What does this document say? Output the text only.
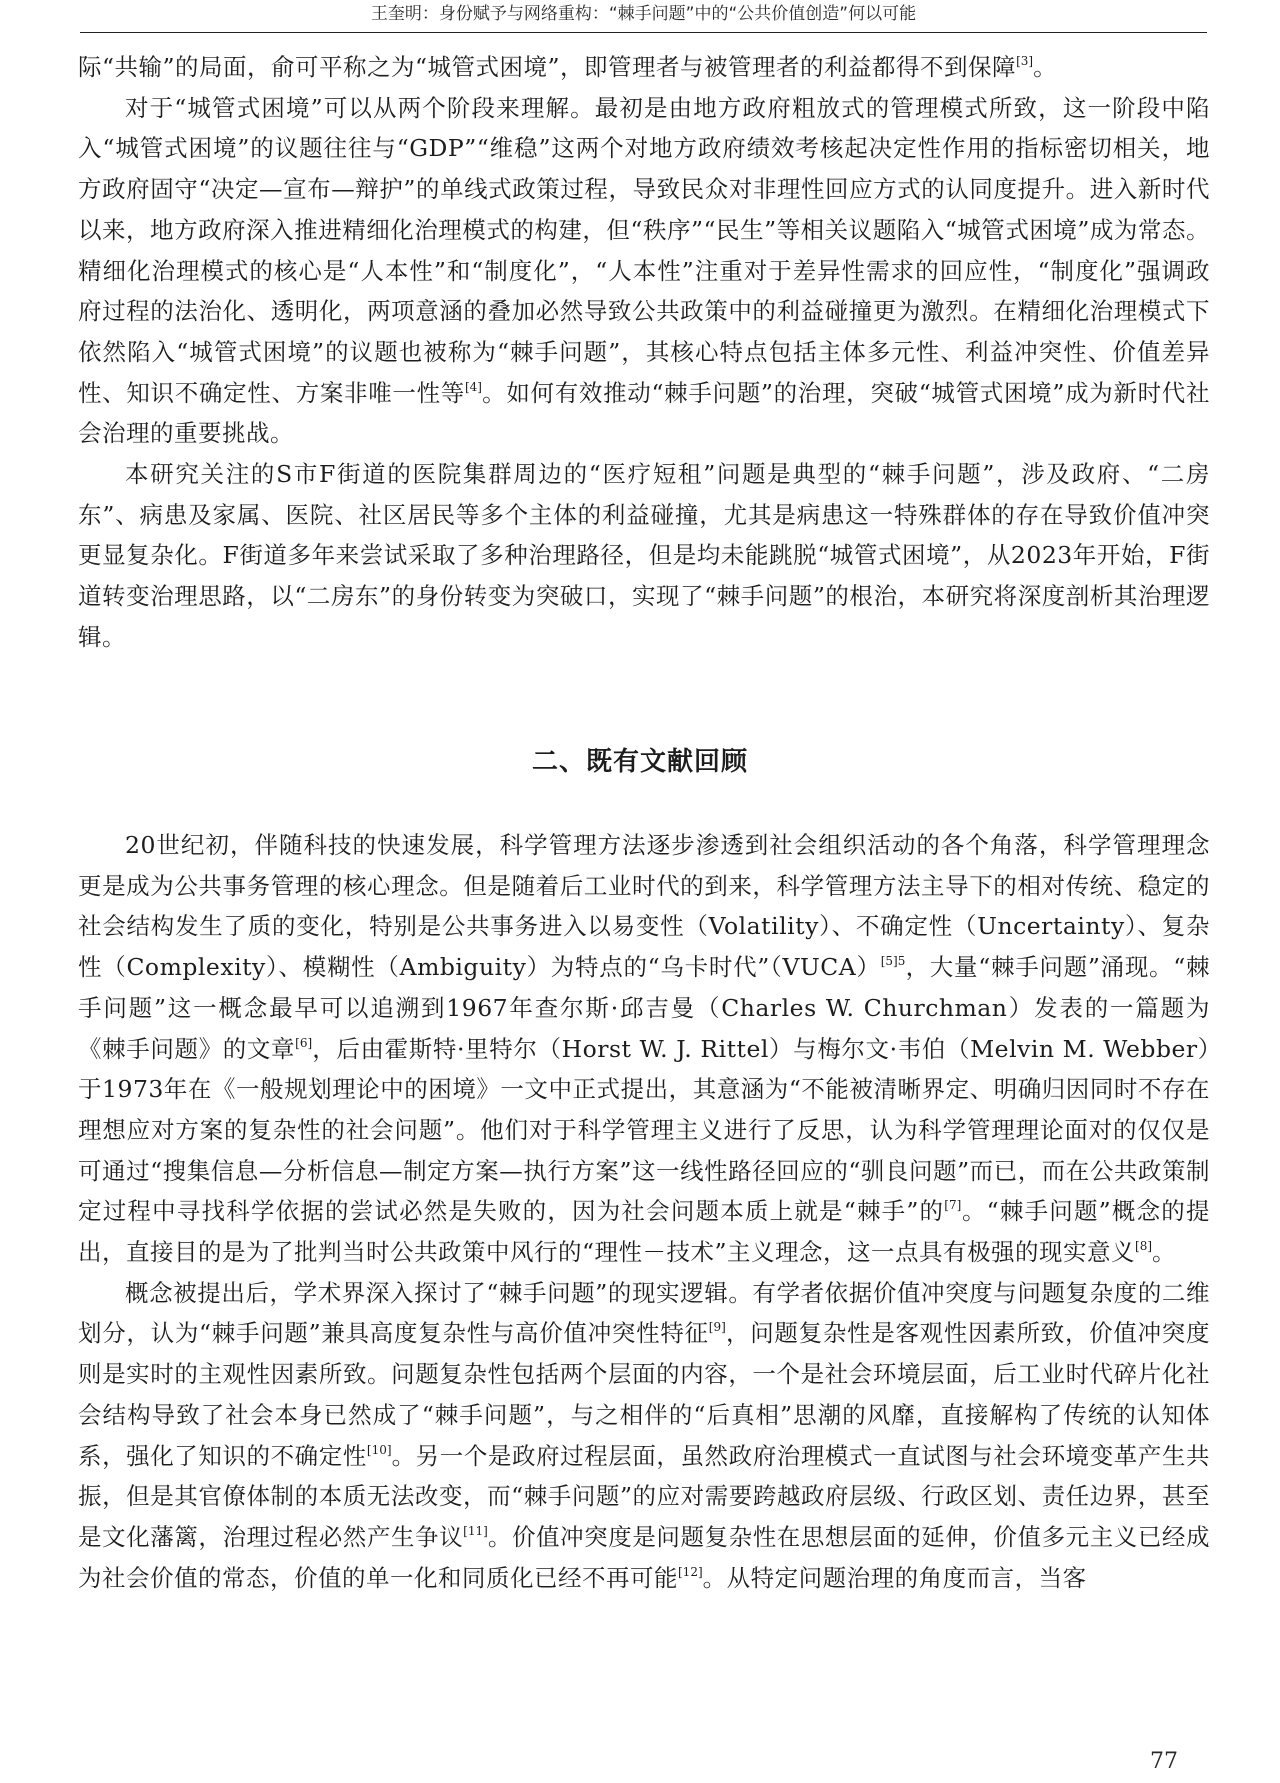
王奎明：身份赋予与网络重构：“棘手问题”中的“公共价值创造”何以可能

际“共输”的局面，俞可平称之为“城管式困境”，即管理者与被管理者的利益都得不到保障[3]。

对于“城管式困境”可以从两个阶段来理解。最初是由地方政府粗放式的管理模式所致，这一阶段中陷入“城管式困境”的议题往往与“GDP”“维稳”这两个对地方政府绩效考核起决定性作用的指标密切相关，地方政府固守“决定—宣布—辩护”的单线式政策过程，导致民众对非理性回应方式的认同度提升。进入新时代以来，地方政府深入推进精细化治理模式的构建，但“秩序”“民生”等相关议题陷入“城管式困境”成为常态。精细化治理模式的核心是“人本性”和“制度化”，“人本性”注重对于差异性需求的回应性，“制度化”强调政府过程的法治化、透明化，两项意涵的叠加必然导致公共政策中的利益碰撞更为激烈。在精细化治理模式下依然陷入“城管式困境”的议题也被称为“棘手问题”，其核心特点包括主体多元性、利益冲突性、价值差异性、知识不确定性、方案非唯一性等[4]。如何有效推动“棘手问题”的治理，突破“城管式困境”成为新时代社会治理的重要挑战。

本研究关注的S市F街道的医院集群周边的“医疗短租”问题是典型的“棘手问题”，涉及政府、“二房东”、病患及家属、医院、社区居民等多个主体的利益碰撞，尤其是病患这一特殊群体的存在导致价值冲突更显复杂化。F街道多年来尝试采取了多种治理路径，但是均未能跳脱“城管式困境”，从2023年开始，F街道转变治理思路，以“二房东”的身份转变为突破口，实现了“棘手问题”的根治，本研究将深度剖析其治理逻辑。

二、既有文献回顾

20世纪初，伴随科技的快速发展，科学管理方法逐步渗透到社会组织活动的各个角落，科学管理理念更是成为公共事务管理的核心理念。但是随着后工业时代的到来，科学管理方法主导下的相对传统、稳定的社会结构发生了质的变化，特别是公共事务进入以易变性（Volatility）、不确定性（Uncertainty）、复杂性（Complexity）、模糊性（Ambiguity）为特点的“乌卡时代”（VUCA）$^{[5]5}$，大量“棘手问题”涌现。“棘手问题”这一概念最早可以追溯到1967年查尔斯·邱吉曼（Charles W. Churchman）发表的一篇题为《棘手问题》的文章[6]，后由霍斯特·里特尔（Horst W. J. Rittel）与梅尔文·韦伯（Melvin M. Webber）于1973年在《一般规划理论中的困境》一文中正式提出，其意涵为“不能被清晰界定、明确归因同时不存在理想应对方案的复杂性的社会问题”。他们对于科学管理主义进行了反思，认为科学管理理论面对的仅仅是可通过“搜集信息—分析信息—制定方案—执行方案”这一线性路径回应的“驯良问题”而已，而在公共政策制定过程中寻找科学依据的尝试必然是失败的，因为社会问题本质上就是“棘手”的[7]。“棘手问题”概念的提出，直接目的是为了批判当时公共政策中风行的“理性－技术”主义理念，这一点具有极强的现实意义[8]。

概念被提出后，学术界深入探讨了“棘手问题”的现实逻辑。有学者依据价值冲突度与问题复杂度的二维划分，认为“棘手问题”兼具高度复杂性与高价值冲突性特征[9]，问题复杂性是客观性因素所致，价值冲突度则是实时的主观性因素所致。问题复杂性包括两个层面的内容，一个是社会环境层面，后工业时代碎片化社会结构导致了社会本身已然成了“棘手问题”，与之相伴的“后真相”思潮的风靡，直接解构了传统的认知体系，强化了知识的不确定性[10]。另一个是政府过程层面，虽然政府治理模式一直试图与社会环境变革产生共振，但是其官僚体制的本质无法改变，而“棘手问题”的应对需要跨越政府层级、行政区划、责任边界，甚至是文化藩篱，治理过程必然产生争议[11]。价值冲突度是问题复杂性在思想层面的延伸，价值多元主义已经成为社会价值的常态，价值的单一化和同质化已经不再可能[12]。从特定问题治理的角度而言，当客

77
